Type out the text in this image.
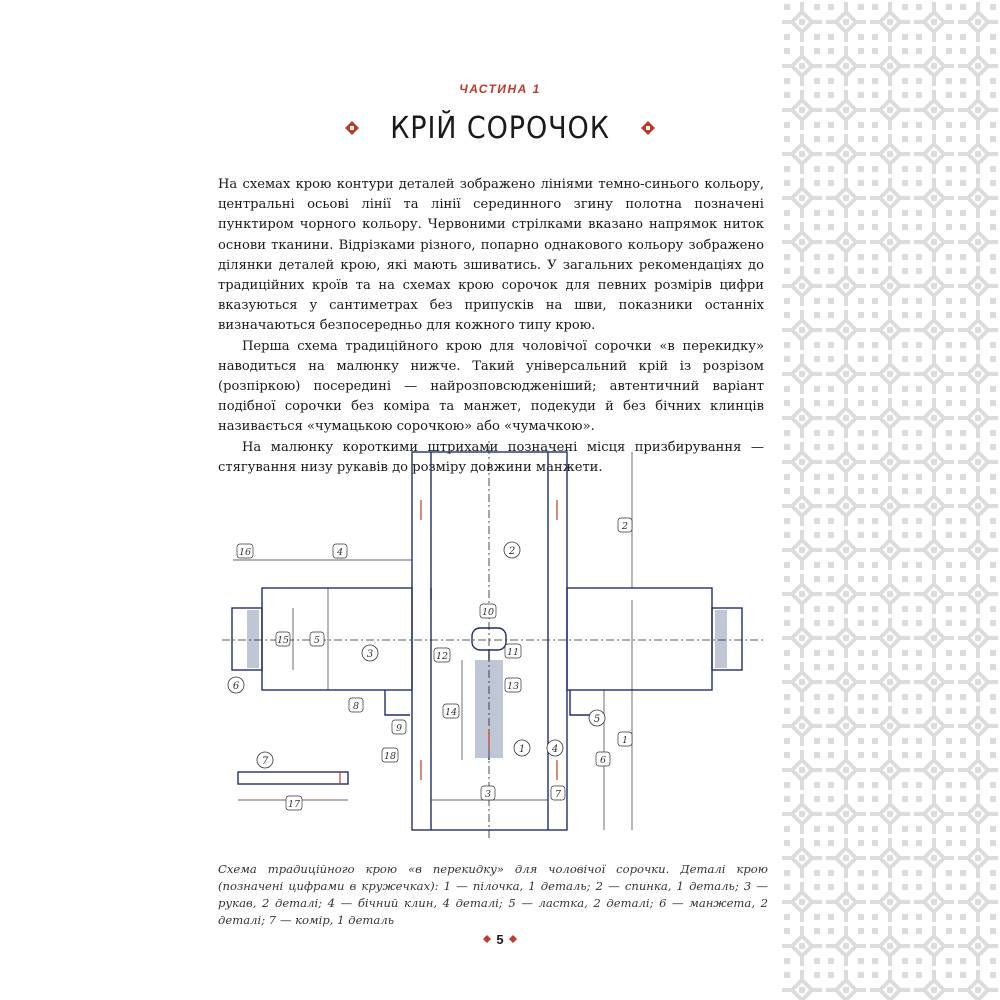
ЧАСТИНА 1
КРІЙ СОРОЧОК

На схемах крою контури деталей зображено лініями темно-синього кольору, центральні осьові лінії та лінії серединного згину полотна позначені пунктиром чорного кольору. Червоними стрілками вказано напрямок ниток основи тканини. Відрізками різного, попарно однакового кольору зображено ділянки деталей крою, які мають зшиватись. У загальних рекомендаціях до традиційних кроїв та на схемах крою сорочок для певних розмірів цифри вказуються у сантиметрах без припусків на шви, показники останніх визначаються безпосередньо для кожного типу крою.

Перша схема традиційного крою для чоловічої сорочки «в перекидку» наводиться на малюнку нижче. Такий універсальний крій із розрізом (розпіркою) посередині — найрозповсюдженіший; автентичний варіант подібної сорочки без коміра та манжет, подекуди й без бічних клинців називається «чумацькою сорочкою» або «чумачкою».

На малюнку короткими штрихами позначені місця призбирування — стягування низу рукавів до розміру довжини манжети.

2
3
1	4
5
6
7
2
1
6
4
5
15
16
3	7
17
8
9
10
11
13
14
12
18
Схема традиційного крою «в перекидку» для чоловічої сорочки. Деталі крою (позначені цифрами в кружечках): 1 — пілочка, 1 деталь; 2 — спинка, 1 деталь; 3 — рукав, 2 деталі; 4 — бічний клин, 4 деталі; 5 — ластка, 2 деталі; 6 — манжета, 2 деталі; 7 — комір, 1 деталь
5
